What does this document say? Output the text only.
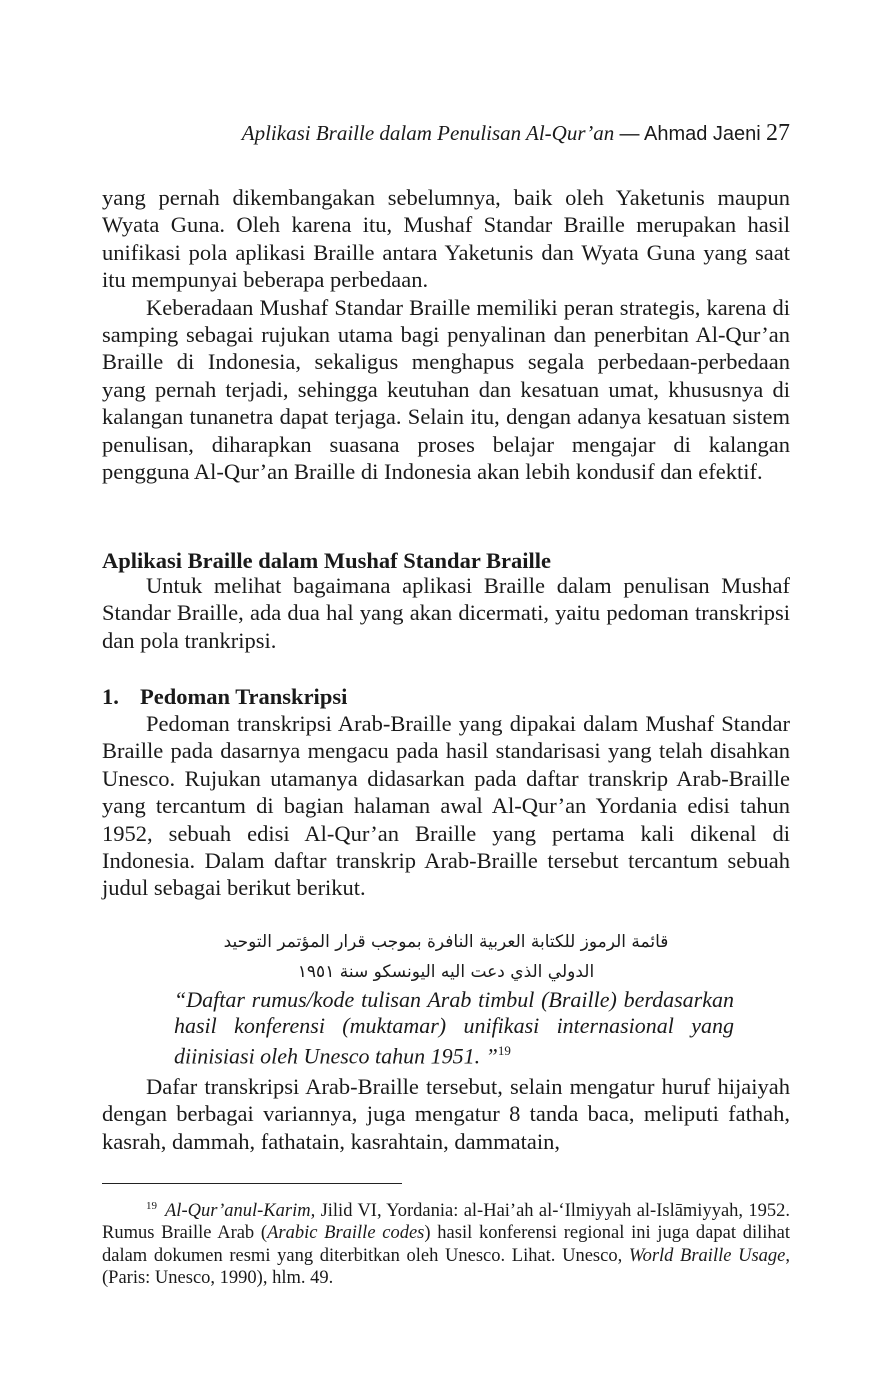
Aplikasi Braille dalam Penulisan Al-Qur’an — Ahmad Jaeni 27

yang pernah dikembangakan sebelumnya, baik oleh Yaketunis maupun Wyata Guna. Oleh karena itu, Mushaf Standar Braille merupakan hasil unifikasi pola aplikasi Braille antara Yaketunis dan Wyata Guna yang saat itu mempunyai beberapa perbedaan.

Keberadaan Mushaf Standar Braille memiliki peran strategis, karena di samping sebagai rujukan utama bagi penyalinan dan penerbitan Al-Qur’an Braille di Indonesia, sekaligus menghapus segala perbedaan-perbedaan yang pernah terjadi, sehingga keutuhan dan kesatuan umat, khususnya di kalangan tunanetra dapat terjaga. Selain itu, dengan adanya kesatuan sistem penulisan, diharapkan suasana proses belajar mengajar di kalangan pengguna Al-Qur’an Braille di Indonesia akan lebih kondusif dan efektif.

Aplikasi Braille dalam Mushaf Standar Braille

Untuk melihat bagaimana aplikasi Braille dalam penulisan Mushaf Standar Braille, ada dua hal yang akan dicermati, yaitu pedoman transkripsi dan pola trankripsi.

1. Pedoman Transkripsi

Pedoman transkripsi Arab-Braille yang dipakai dalam Mushaf Standar Braille pada dasarnya mengacu pada hasil standarisasi yang telah disahkan Unesco. Rujukan utamanya didasarkan pada daftar transkrip Arab-Braille yang tercantum di bagian halaman awal Al-Qur’an Yordania edisi tahun 1952, sebuah edisi Al-Qur’an Braille yang pertama kali dikenal di Indonesia. Dalam daftar transkrip Arab-Braille tersebut tercantum sebuah judul sebagai berikut berikut.

قائمة الرموز للكتابة العربية النافرة بموجب قرار المؤتمر التوحيد
الدولي الذي دعت اليه اليونسكو سنة ١٩٥١
“Daftar rumus/kode tulisan Arab timbul (Braille) berdasarkan hasil konferensi (muktamar) unifikasi internasional yang diinisiasi oleh Unesco tahun 1951. ”$^{19}$

Dafar transkripsi Arab-Braille tersebut, selain mengatur huruf hijaiyah dengan berbagai variannya, juga mengatur 8 tanda baca, meliputi fathah, kasrah, dammah, fathatain, kasrahtain, dammatain,

$^{19}$ Al-Qur’anul-Karim, Jilid VI, Yordania: al-Hai’ah al-‘Ilmiyyah al-Islāmiyyah, 1952. Rumus Braille Arab (Arabic Braille codes) hasil konferensi regional ini juga dapat dilihat dalam dokumen resmi yang diterbitkan oleh Unesco. Lihat. Unesco, World Braille Usage, (Paris: Unesco, 1990), hlm. 49.
